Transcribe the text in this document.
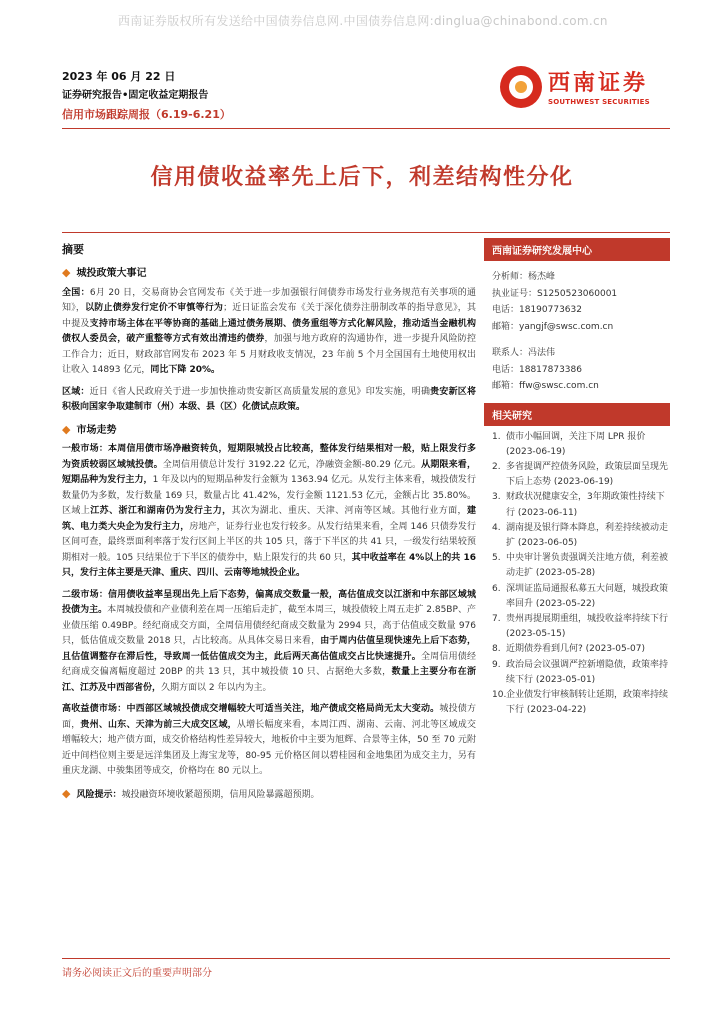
西南证券版权所有发送给中国债券信息网.中国债券信息网:dinglua@chinabond.com.cn
2023 年 06 月 22 日
证券研究报告•固定收益定期报告
信用市场跟踪周报（6.19-6.21）
西南证券
SOUTHWEST SECURITIES
信用债收益率先上后下，利差结构性分化
摘要
◆ 城投政策大事记

全国：6月 20 日，交易商协会官网发布《关于进一步加强银行间债券市场发行业务规范有关事项的通知》，以防止债券发行定价不审慎等行为；近日证监会发布《关于深化债券注册制改革的指导意见》，其中提及支持市场主体在平等协商的基础上通过债务展期、债务重组等方式化解风险，推动适当金融机构债权人委员会，破产重整等方式有效出清违约债券，加强与地方政府的沟通协作，进一步提升风险防控工作合力；近日，财政部官网发布 2023 年 5 月财政收支情况，23 年前 5 个月全国国有土地使用权出让收入 14893 亿元，同比下降 20%。

区域：近日《省人民政府关于进一步加快推动贵安新区高质量发展的意见》印发实施，明确贵安新区将积极向国家争取建制市（州）本级、县（区）化债试点政策。

◆ 市场走势

一般市场：本周信用债市场净融资转负，短期限城投占比较高，整体发行结果相对一般，贴上限发行多为资质较弱区域城投债。全周信用债总计发行 3192.22 亿元，净融资金额-80.29 亿元。从期限来看，短期品种为发行主力，1 年及以内的短期品种发行金额为 1363.94 亿元。从发行主体来看，城投债发行数量仍为多数，发行数量 169 只，数量占比 41.42%，发行金额 1121.53 亿元，金额占比 35.80%。区域上江苏、浙江和湖南仍为发行主力，其次为湖北、重庆、天津、河南等区域。其他行业方面，建筑、电力类大央企为发行主力，房地产，证券行业也发行较多。从发行结果来看，全周 146 只债券发行区间可查，最终票面利率落于发行区间上半区的共 105 只，落于下半区的共 41 只，一级发行结果较预期相对一般。105 只结果位于下半区的债券中，贴上限发行的共 60 只，其中收益率在 4%以上的共 16 只，发行主体主要是天津、重庆、四川、云南等地城投企业。

二级市场：信用债收益率呈现出先上后下态势，偏离成交数量一般，高估值成交以江浙和中东部区域城投债为主。本周城投债和产业债利差在周一压缩后走扩，截至本周三，城投债较上周五走扩 2.85BP、产业债压缩 0.49BP。经纪商成交方面，全周信用债经纪商成交数量为 2994 只，高于估值成交数量 976 只，低估值成交数量 2018 只，占比较高。从具体交易日来看，由于周内估值呈现快速先上后下态势，且估值调整存在滞后性，导致周一低估值成交为主，此后两天高估值成交占比快速提升。全周信用债经纪商成交偏离幅度超过 20BP 的共 13 只，其中城投债 10 只、占据绝大多数，数量上主要分布在浙江、江苏及中西部省份，久期方面以 2 年以内为主。

高收益债市场：中西部区域城投债成交增幅较大可适当关注，地产债成交格局尚无太大变动。城投债方面，贵州、山东、天津为前三大成交区域，从增长幅度来看，本周江西、湖南、云南、河北等区域成交增幅较大；地产债方面，成交价格结构性差异较大，地板价中主要为旭辉、合景等主体，50 至 70 元附近中间档位则主要是远洋集团及上海宝龙等，80-95 元价格区间以碧桂园和金地集团为成交主力，另有重庆龙湖、中骏集团等成交，价格均在 80 元以上。

◆ 风险提示：城投融资环境收紧超预期，信用风险暴露超预期。
西南证券研究发展中心
分析师：杨杰峰
执业证号：S1250523060001
电话：18190773632
邮箱：yangjf@swsc.com.cn
联系人：冯法伟
电话：18817873386
邮箱：ffw@swsc.com.cn
相关研究
1. 债市小幅回调，关注下周 LPR 报价 (2023-06-19)
2. 多省提调严控债务风险，政策层面呈现先下后上态势 (2023-06-19)
3. 财政状况健康安全，3年期政策性持续下行 (2023-06-11)
4. 湖南提及银行降本降息，利差持续被动走扩 (2023-06-05)
5. 中央审计署负责强调关注地方债，利差被动走扩 (2023-05-28)
6. 深圳证监局通报私募五大问题，城投政策率回升 (2023-05-22)
7. 贵州再提展期重组，城投收益率持续下行 (2023-05-15)
8. 近期债券看到几何? (2023-05-07)
9. 政治局会议强调严控新增隐债，政策率持续下行 (2023-05-01)
10. 企业债发行审核制转让延期，政策率持续下行 (2023-04-22)
请务必阅读正文后的重要声明部分
